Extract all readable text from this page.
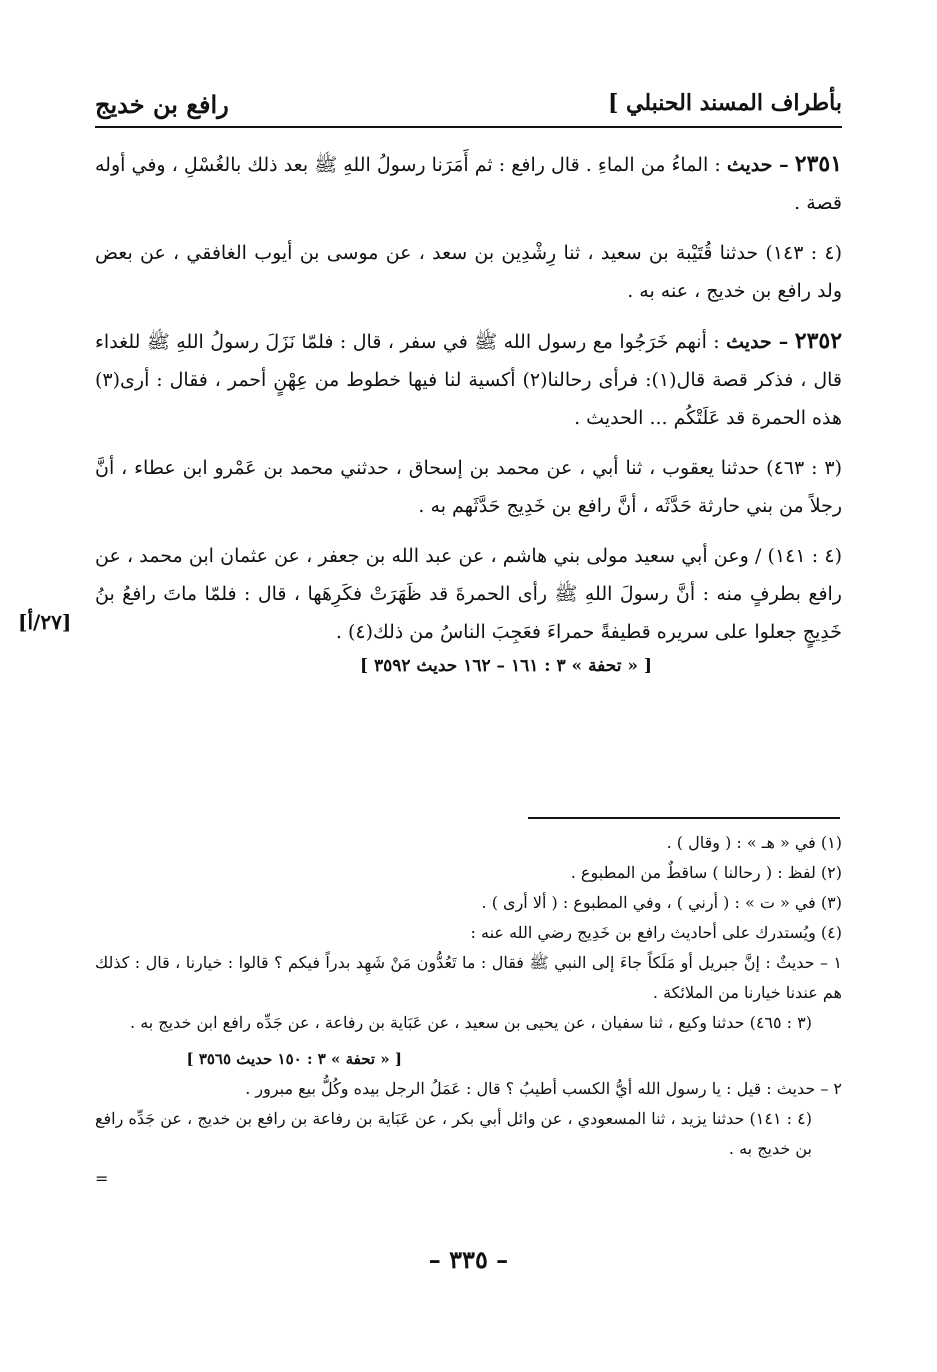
بأطراف المسند الحنبلي ]
رافع بن خديج
[٢٧/أ]

٢٣٥١ – حديث : الماءُ من الماءِ . قال رافع : ثم أَمَرَنا رسولُ اللهِ ﷺ بعد ذلك بالغُسْلِ ، وفي أوله قصة .

(٤ : ١٤٣) حدثنا قُتَيْبة بن سعيد ، ثنا رِشْدِين بن سعد ، عن موسى بن أيوب الغافقي ، عن بعض ولد رافع بن خديج ، عنه به .

٢٣٥٢ – حديث : أنهم خَرَجُوا مع رسول الله ﷺ في سفر ، قال : فلمّا نَزَلَ رسولُ اللهِ ﷺ للغداء قال ، فذكر قصة قال(١): فرأى رحالنا(٢) أكسية لنا فيها خطوط من عِهْنٍ أحمر ، فقال : أرى(٣) هذه الحمرة قد عَلَتْكُم ... الحديث .

(٣ : ٤٦٣) حدثنا يعقوب ، ثنا أبي ، عن محمد بن إسحاق ، حدثني محمد بن عَمْرو ابن عطاء ، أنَّ رجلاً من بني حارثة حَدَّثَه ، أنَّ رافع بن خَدِيج حَدَّثَهم به .

(٤ : ١٤١) / وعن أبي سعيد مولى بني هاشم ، عن عبد الله بن جعفر ، عن عثمان ابن محمد ، عن رافع بطرفٍ منه : أنَّ رسولَ اللهِ ﷺ رأى الحمرةَ قد ظَهَرَتْ فكَرِهَها ، قال : فلمّا ماتَ رافعُ بنُ خَدِيجٍ جعلوا على سريره قطيفةً حمراءَ فعَجِبَ الناسُ من ذلك(٤) .

[ « تحفة » ٣ : ١٦١ – ١٦٢ حديث ٣٥٩٢ ]

(١) في « هـ » : ( وقال ) .

(٢) لفظ : ( رحالنا ) ساقطٌ من المطبوع .

(٣) في « ت » : ( أرني ) ، وفي المطبوع : ( ألا أرى ) .

(٤) ويُستدرك على أحاديث رافع بن خَدِيج رضي الله عنه :

١ – حديثٌ : إنَّ جبريل أو مَلَكاً جاءَ إلى النبي ﷺ فقال : ما تَعُدُّون مَنْ شَهِد بدراً فيكم ؟ قالوا : خيارنا ، قال : كذلك هم عندنا خيارنا من الملائكة .

(٣ : ٤٦٥) حدثنا وكيع ، ثنا سفيان ، عن يحيى بن سعيد ، عن عَبَاية بن رفاعة ، عن جَدِّه رافع ابن خديج به .

[ « تحفة » ٣ : ١٥٠ حديث ٣٥٦٥ ]

٢ – حديث : قيل : يا رسول الله أيُّ الكسب أطيبُ ؟ قال : عَمَلُ الرجل بيده وكُلُّ بيع مبرور .

(٤ : ١٤١) حدثنا يزيد ، ثنا المسعودي ، عن وائل أبي بكر ، عن عَبَاية بن رفاعة بن رافع بن خديج ، عن جَدِّه رافع بن خديج به .

=

– ٣٣٥ –
